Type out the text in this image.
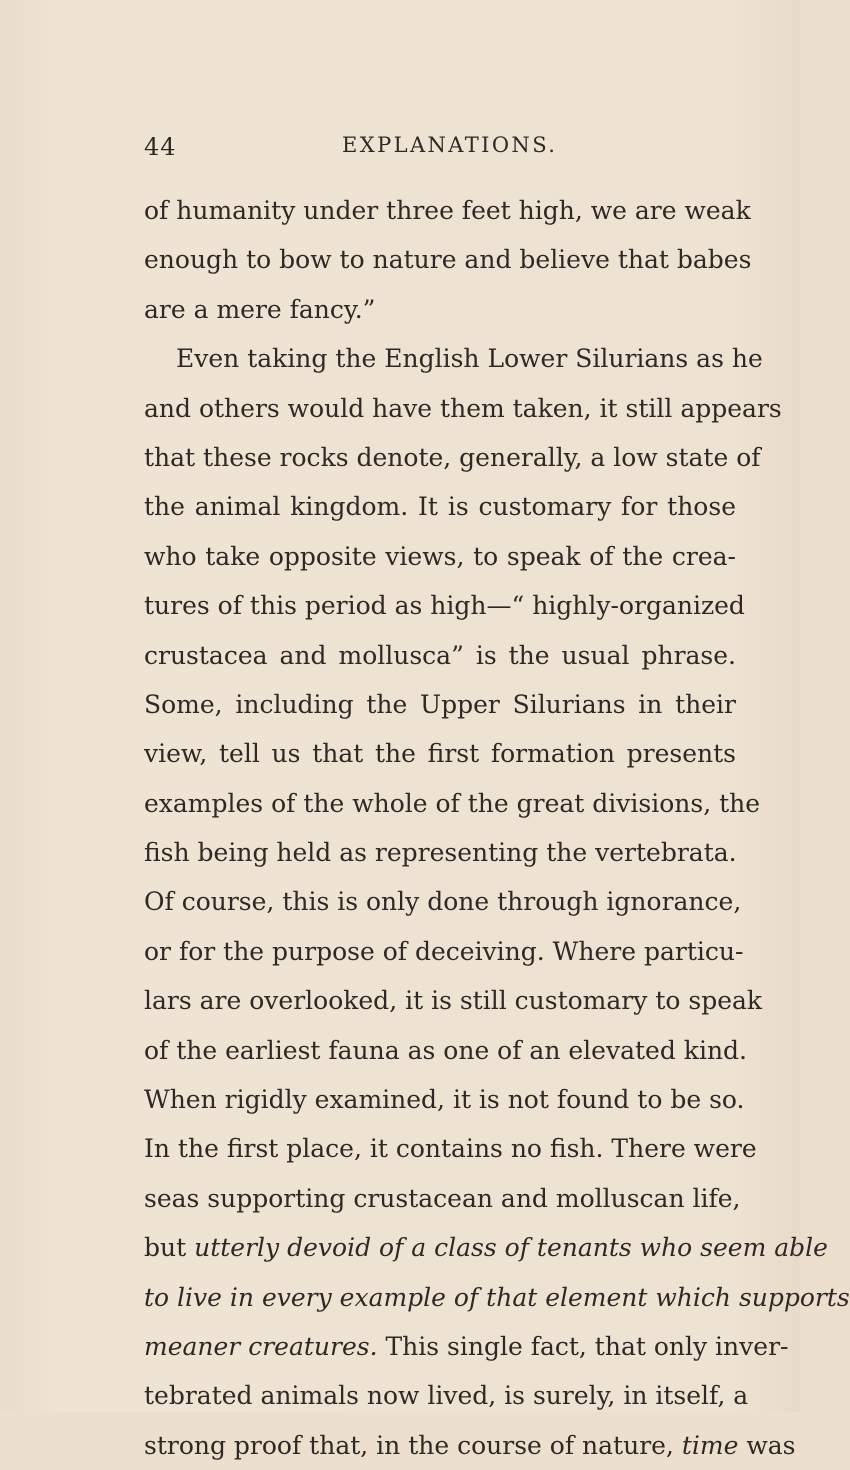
44	EXPLANATIONS.
of humanity under three feet high, we are weak
enough to bow to nature and believe that babes
are a mere fancy.”
Even taking the English Lower Silurians as he
and others would have them taken, it still appears
that these rocks denote, generally, a low state of
the animal kingdom. It is customary for those
who take opposite views, to speak of the crea-
tures of this period as high—“ highly-organized
crustacea and mollusca” is the usual phrase.
Some, including the Upper Silurians in their
view, tell us that the first formation presents
examples of the whole of the great divisions, the
fish being held as representing the vertebrata.
Of course, this is only done through ignorance,
or for the purpose of deceiving. Where particu-
lars are overlooked, it is still customary to speak
of the earliest fauna as one of an elevated kind.
When rigidly examined, it is not found to be so.
In the first place, it contains no fish. There were
seas supporting crustacean and molluscan life,
but utterly devoid of a class of tenants who seem able
to live in every example of that element which supports
meaner creatures. This single fact, that only inver-
tebrated animals now lived, is surely, in itself, a
strong proof that, in the course of nature, time was
